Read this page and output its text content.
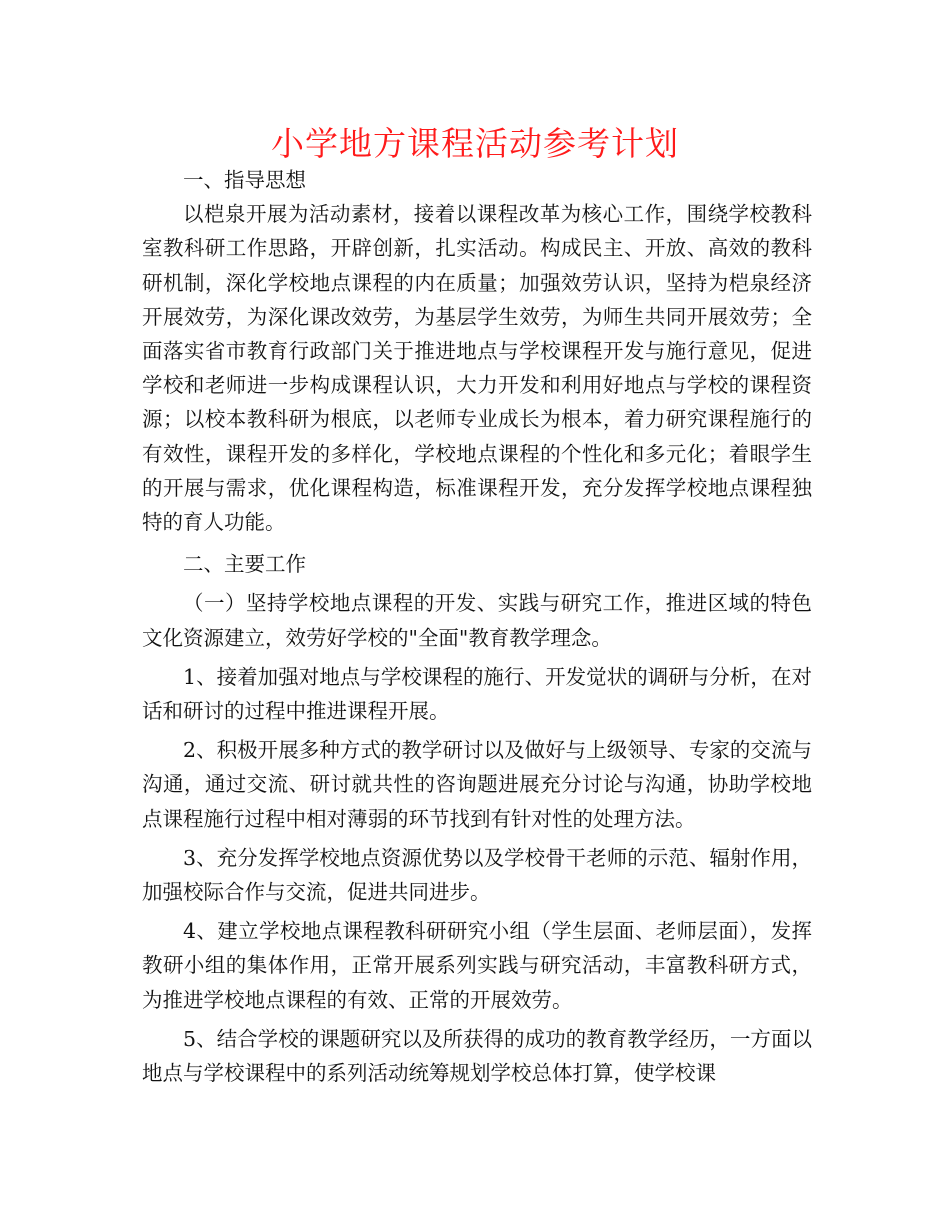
小学地方课程活动参考计划

一、指导思想

以桤泉开展为活动素材，接着以课程改革为核心工作，围绕学校教科室教科研工作思路，开辟创新，扎实活动。构成民主、开放、高效的教科研机制，深化学校地点课程的内在质量；加强效劳认识，坚持为桤泉经济开展效劳，为深化课改效劳，为基层学生效劳，为师生共同开展效劳；全面落实省市教育行政部门关于推进地点与学校课程开发与施行意见，促进学校和老师进一步构成课程认识，大力开发和利用好地点与学校的课程资源；以校本教科研为根底，以老师专业成长为根本，着力研究课程施行的有效性，课程开发的多样化，学校地点课程的个性化和多元化；着眼学生的开展与需求，优化课程构造，标准课程开发，充分发挥学校地点课程独特的育人功能。

二、主要工作

（一）坚持学校地点课程的开发、实践与研究工作，推进区域的特色文化资源建立，效劳好学校的"全面"教育教学理念。

1、接着加强对地点与学校课程的施行、开发觉状的调研与分析，在对话和研讨的过程中推进课程开展。

2、积极开展多种方式的教学研讨以及做好与上级领导、专家的交流与沟通，通过交流、研讨就共性的咨询题进展充分讨论与沟通，协助学校地点课程施行过程中相对薄弱的环节找到有针对性的处理方法。

3、充分发挥学校地点资源优势以及学校骨干老师的示范、辐射作用，加强校际合作与交流，促进共同进步。

4、建立学校地点课程教科研研究小组（学生层面、老师层面），发挥教研小组的集体作用，正常开展系列实践与研究活动，丰富教科研方式，为推进学校地点课程的有效、正常的开展效劳。

5、结合学校的课题研究以及所获得的成功的教育教学经历，一方面以地点与学校课程中的系列活动统筹规划学校总体打算，使学校课
